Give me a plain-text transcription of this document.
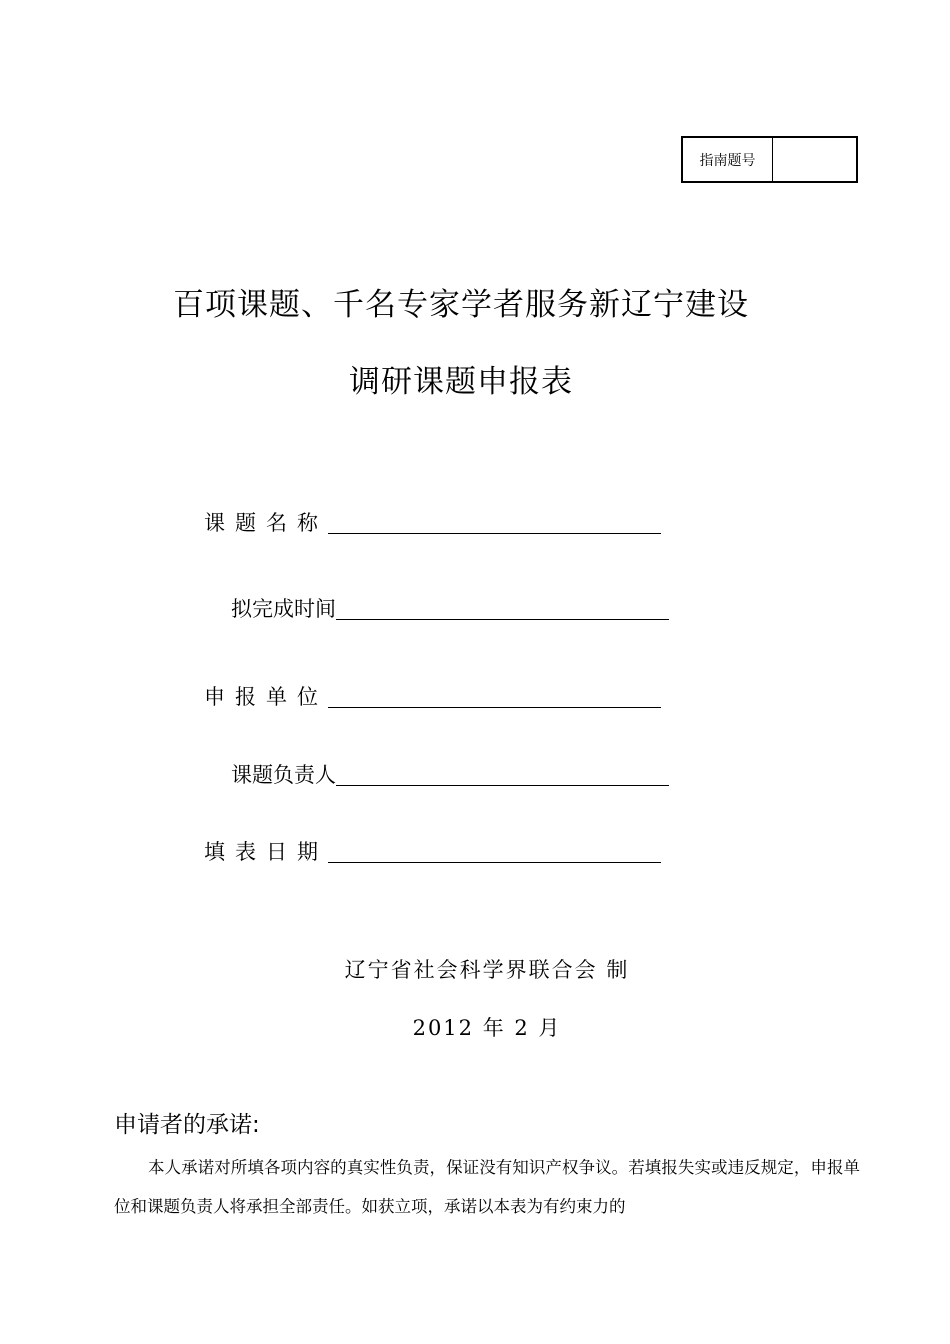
指南题号
百项课题、千名专家学者服务新辽宁建设
调研课题申报表
课题名称
拟完成时间
申报单位
课题负责人
填表日期
辽宁省社会科学界联合会 制
2012 年 2 月
申请者的承诺:
本人承诺对所填各项内容的真实性负责，保证没有知识产权争议。若填报失实或违反规定，申报单位和课题负责人将承担全部责任。如获立项，承诺以本表为有约束力的
